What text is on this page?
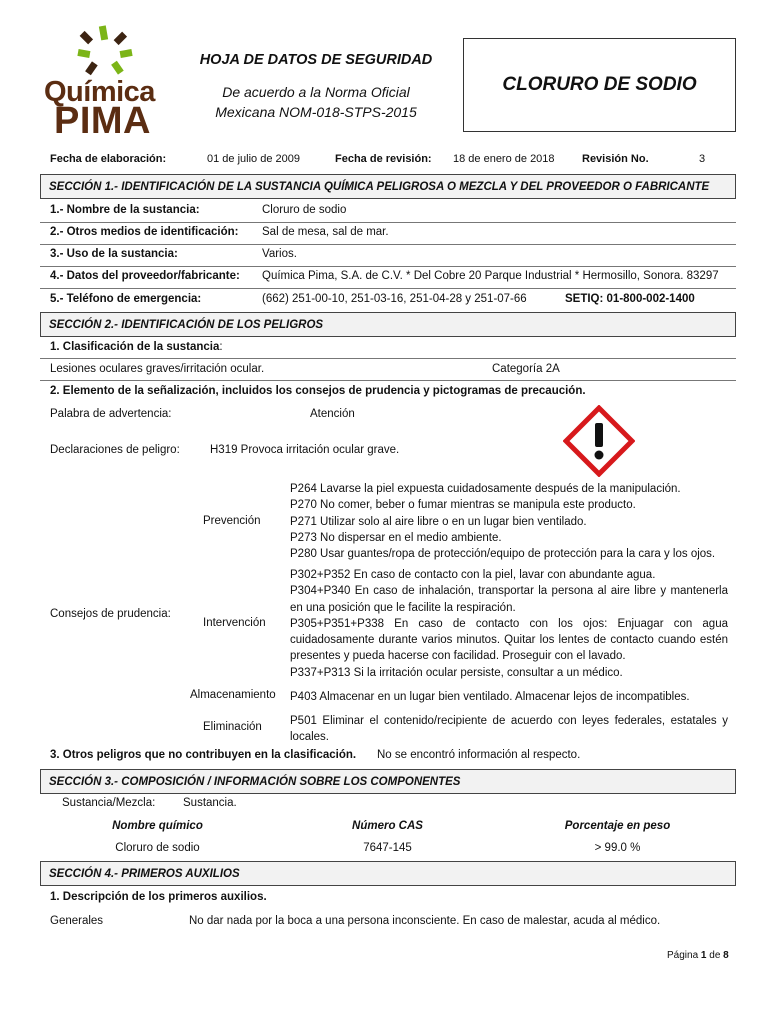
Química
PIMA
HOJA DE DATOS DE SEGURIDAD
De acuerdo a la Norma Oficial
Mexicana NOM-018-STPS-2015
CLORURO DE SODIO
Fecha de elaboración:	01 de julio de 2009	Fecha de revisión: 18 de enero de 2018 Revisión No.	3
SECCIÓN 1.- IDENTIFICACIÓN DE LA SUSTANCIA QUÍMICA PELIGROSA O MEZCLA Y DEL PROVEEDOR O FABRICANTE
1.- Nombre de la sustancia:	Cloruro de sodio
2.- Otros medios de identificación: Sal de mesa, sal de mar.
3.- Uso de la sustancia:	Varios.
4.- Datos del proveedor/fabricante: Química Pima, S.A. de C.V. * Del Cobre 20 Parque Industrial * Hermosillo, Sonora. 83297
5.- Teléfono de emergencia:	(662) 251-00-10, 251-03-16, 251-04-28 y 251-07-66	SETIQ: 01-800-002-1400
SECCIÓN 2.- IDENTIFICACIÓN DE LOS PELIGROS
1. Clasificación de la sustancia:
Lesiones oculares graves/irritación ocular.	Categoría 2A
2. Elemento de la señalización, incluidos los consejos de prudencia y pictogramas de precaución.
Palabra de advertencia:	Atención
Declaraciones de peligro:	H319 Provoca irritación ocular grave.
Prevención
P264 Lavarse la piel expuesta cuidadosamente después de la manipulación.
P270 No comer, beber o fumar mientras se manipula este producto.
P271 Utilizar solo al aire libre o en un lugar bien ventilado.
P273 No dispersar en el medio ambiente.
P280 Usar guantes/ropa de protección/equipo de protección para la cara y los ojos.
Consejos de prudencia:
Intervención
P302+P352 En caso de contacto con la piel, lavar con abundante agua.
P304+P340 En caso de inhalación, transportar la persona al aire libre y mantenerla en una posición que le facilite la respiración.
P305+P351+P338 En caso de contacto con los ojos: Enjuagar con agua cuidadosamente durante varios minutos. Quitar los lentes de contacto cuando estén presentes y pueda hacerse con facilidad. Proseguir con el lavado.
P337+P313 Si la irritación ocular persiste, consultar a un médico.
Almacenamiento P403 Almacenar en un lugar bien ventilado. Almacenar lejos de incompatibles.
Eliminación P501 Eliminar el contenido/recipiente de acuerdo con leyes federales, estatales y locales.
3. Otros peligros que no contribuyen en la clasificación. No se encontró información al respecto.
SECCIÓN 3.- COMPOSICIÓN / INFORMACIÓN SOBRE LOS COMPONENTES
Sustancia/Mezcla: Sustancia.
Nombre químico	Número CAS	Porcentaje en peso
Cloruro de sodio	7647-145	> 99.0 %
SECCIÓN 4.- PRIMEROS AUXILIOS
1. Descripción de los primeros auxilios.
Generales	No dar nada por la boca a una persona inconsciente. En caso de malestar, acuda al médico.
Página 1 de 8
